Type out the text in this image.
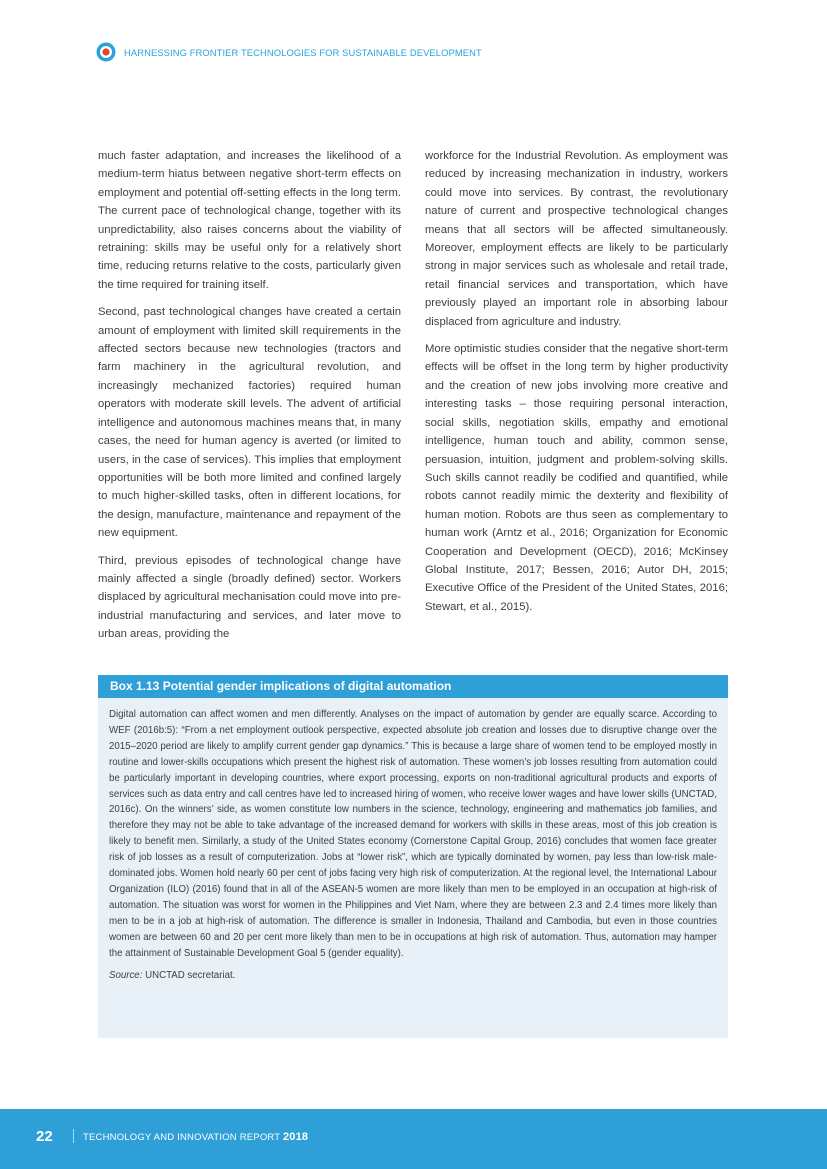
HARNESSING FRONTIER TECHNOLOGIES FOR SUSTAINABLE DEVELOPMENT

much faster adaptation, and increases the likelihood of a medium-term hiatus between negative short-term effects on employment and potential off-setting effects in the long term. The current pace of technological change, together with its unpredictability, also raises concerns about the viability of retraining: skills may be useful only for a relatively short time, reducing returns relative to the costs, particularly given the time required for training itself.

Second, past technological changes have created a certain amount of employment with limited skill requirements in the affected sectors because new technologies (tractors and farm machinery in the agricultural revolution, and increasingly mechanized factories) required human operators with moderate skill levels. The advent of artificial intelligence and autonomous machines means that, in many cases, the need for human agency is averted (or limited to users, in the case of services). This implies that employment opportunities will be both more limited and confined largely to much higher-skilled tasks, often in different locations, for the design, manufacture, maintenance and repayment of the new equipment.

Third, previous episodes of technological change have mainly affected a single (broadly defined) sector. Workers displaced by agricultural mechanisation could move into pre-industrial manufacturing and services, and later move to urban areas, providing the

workforce for the Industrial Revolution. As employment was reduced by increasing mechanization in industry, workers could move into services. By contrast, the revolutionary nature of current and prospective technological changes means that all sectors will be affected simultaneously. Moreover, employment effects are likely to be particularly strong in major services such as wholesale and retail trade, retail financial services and transportation, which have previously played an important role in absorbing labour displaced from agriculture and industry.

More optimistic studies consider that the negative short-term effects will be offset in the long term by higher productivity and the creation of new jobs involving more creative and interesting tasks – those requiring personal interaction, social skills, negotiation skills, empathy and emotional intelligence, human touch and ability, common sense, persuasion, intuition, judgment and problem-solving skills. Such skills cannot readily be codified and quantified, while robots cannot readily mimic the dexterity and flexibility of human motion. Robots are thus seen as complementary to human work (Arntz et al., 2016; Organization for Economic Cooperation and Development (OECD), 2016; McKinsey Global Institute, 2017; Bessen, 2016; Autor DH, 2015; Executive Office of the President of the United States, 2016; Stewart, et al., 2015).

Box 1.13 Potential gender implications of digital automation

Digital automation can affect women and men differently. Analyses on the impact of automation by gender are equally scarce. According to WEF (2016b:5): “From a net employment outlook perspective, expected absolute job creation and losses due to disruptive change over the 2015–2020 period are likely to amplify current gender gap dynamics.” This is because a large share of women tend to be employed mostly in routine and lower-skills occupations which present the highest risk of automation. These women’s job losses resulting from automation could be particularly important in developing countries, where export processing, exports on non-traditional agricultural products and exports of services such as data entry and call centres have led to increased hiring of women, who receive lower wages and have lower skills (UNCTAD, 2016c). On the winners’ side, as women constitute low numbers in the science, technology, engineering and mathematics job families, and therefore they may not be able to take advantage of the increased demand for workers with skills in these areas, most of this job creation is likely to benefit men. Similarly, a study of the United States economy (Cornerstone Capital Group, 2016) concludes that women face greater risk of job losses as a result of computerization. Jobs at “lower risk”, which are typically dominated by women, pay less than low-risk male-dominated jobs. Women hold nearly 60 per cent of jobs facing very high risk of computerization. At the regional level, the International Labour Organization (ILO) (2016) found that in all of the ASEAN-5 women are more likely than men to be employed in an occupation at high-risk of automation. The situation was worst for women in the Philippines and Viet Nam, where they are between 2.3 and 2.4 times more likely than men to be in a job at high-risk of automation. The difference is smaller in Indonesia, Thailand and Cambodia, but even in those countries women are between 60 and 20 per cent more likely than men to be in occupations at high risk of automation. Thus, automation may hamper the attainment of Sustainable Development Goal 5 (gender equality).

Source: UNCTAD secretariat.

22	TECHNOLOGY AND INNOVATION REPORT 2018
